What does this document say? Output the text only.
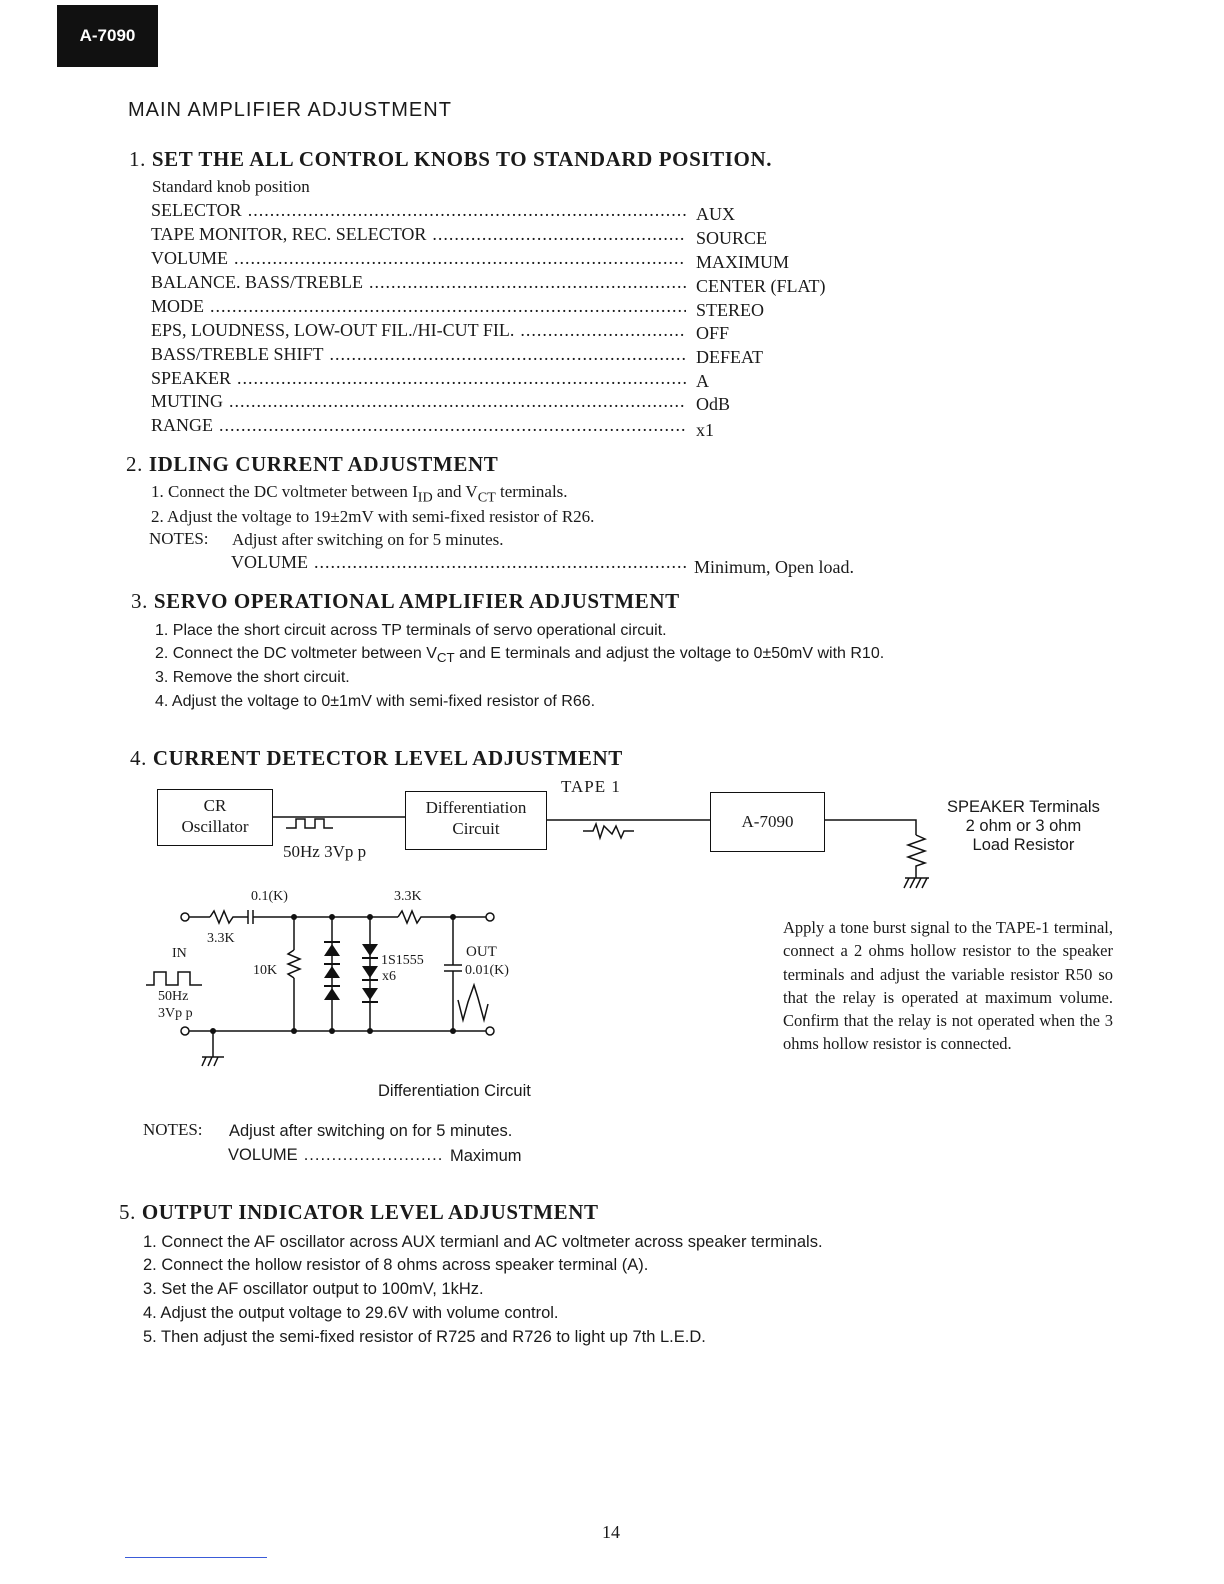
A-7090
MAIN AMPLIFIER ADJUSTMENT
1. SET THE ALL CONTROL KNOBS TO STANDARD POSITION.
Standard knob position
SELECTOR .....	AUX
TAPE MONITOR, REC. SELECTOR .....	SOURCE
VOLUME .....	MAXIMUM
BALANCE. BASS/TREBLE .....	CENTER (FLAT)
MODE .....	STEREO
EPS, LOUDNESS, LOW-OUT FIL./HI-CUT FIL. .....	OFF
BASS/TREBLE SHIFT .....	DEFEAT
SPEAKER .....	A
MUTING .....	OdB
RANGE .....	x1
2. IDLING CURRENT ADJUSTMENT
1. Connect the DC voltmeter between $I_{ID}$ and $V_{CT}$ terminals.
2. Adjust the voltage to 19±2mV with semi-fixed resistor of R26.
NOTES: Adjust after switching on for 5 minutes.
VOLUME .....	Minimum, Open load.
3. SERVO OPERATIONAL AMPLIFIER ADJUSTMENT
1. Place the short circuit across TP terminals of servo operational circuit.
2. Connect the DC voltmeter between $V_{CT}$ and E terminals and adjust the voltage to 0±50mV with R10.
3. Remove the short circuit.
4. Adjust the voltage to 0±1mV with semi-fixed resistor of R66.
4. CURRENT DETECTOR LEVEL ADJUSTMENT
CR
Oscillator
Differentiation
Circuit	A-7090
TAPE 1
50Hz 3Vp p
SPEAKER Terminals
2 ohm or 3 ohm
Load Resistor
0.1(K)
3.3K
3.3K
IN
10K
1S1555
x6
OUT
0.01(K)
50Hz
3Vp p
Differentiation Circuit
Apply a tone burst signal to the TAPE-1 terminal, connect a 2 ohms hollow resistor to the speaker terminals and adjust the variable resistor R50 so that the relay is operated at maximum volume. Confirm that the relay is not operated when the 3 ohms hollow resistor is connected.
NOTES: Adjust after switching on for 5 minutes.
VOLUME .....	Maximum
5. OUTPUT INDICATOR LEVEL ADJUSTMENT
1. Connect the AF oscillator across AUX termianl and AC voltmeter across speaker terminals.
2. Connect the hollow resistor of 8 ohms across speaker terminal (A).
3. Set the AF oscillator output to 100mV, 1kHz.
4. Adjust the output voltage to 29.6V with volume control.
5. Then adjust the semi-fixed resistor of R725 and R726 to light up 7th L.E.D.
14
